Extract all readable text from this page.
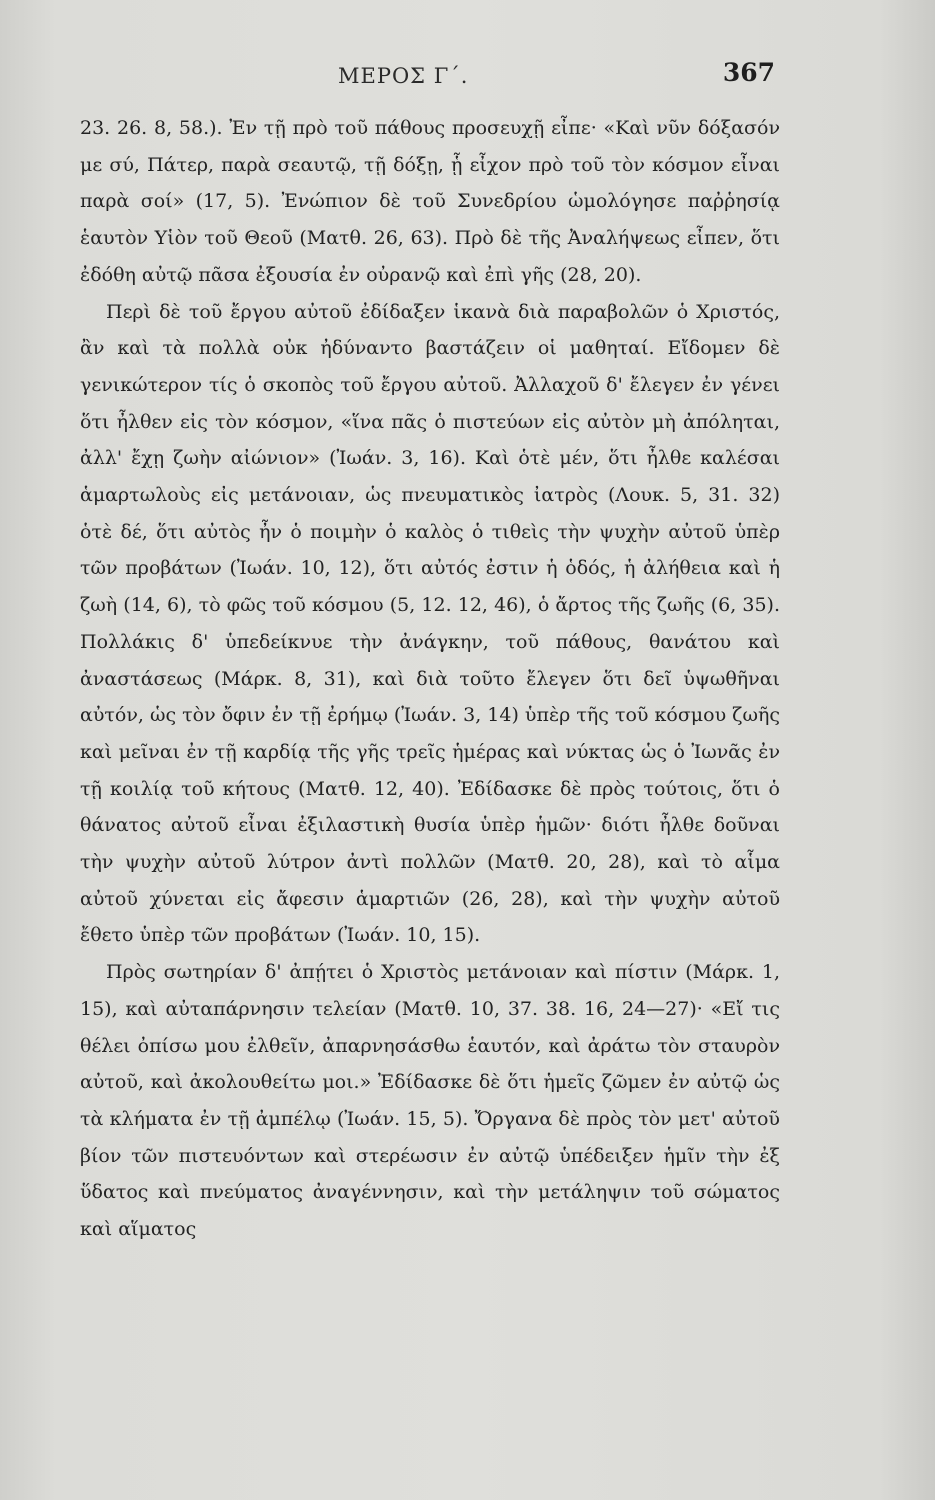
ΜΕΡΟΣ Γ΄.	367

23. 26. 8, 58.). Ἐν τῇ πρὸ τοῦ πάθους προσευχῇ εἶπε· «Καὶ νῦν δόξασόν με σύ, Πάτερ, παρὰ σεαυτῷ, τῇ δόξῃ, ᾗ εἶχον πρὸ τοῦ τὸν κόσμον εἶναι παρὰ σοί» (17, 5). Ἐνώπιον δὲ τοῦ Συνεδρίου ὡμολόγησε παῤῥησίᾳ ἑαυτὸν Υἱὸν τοῦ Θεοῦ (Ματθ. 26, 63). Πρὸ δὲ τῆς Ἀναλήψεως εἶπεν, ὅτι ἐδόθη αὐτῷ πᾶσα ἐξουσία ἐν οὐρανῷ καὶ ἐπὶ γῆς (28, 20).

Περὶ δὲ τοῦ ἔργου αὐτοῦ ἐδίδαξεν ἱκανὰ διὰ παραβολῶν ὁ Χριστός, ἂν καὶ τὰ πολλὰ οὐκ ἠδύναντο βαστάζειν οἱ μαθηταί. Εἴδομεν δὲ γενικώτερον τίς ὁ σκοπὸς τοῦ ἔργου αὐτοῦ. Ἀλλαχοῦ δ' ἔλεγεν ἐν γένει ὅτι ἦλθεν εἰς τὸν κόσμον, «ἵνα πᾶς ὁ πιστεύων εἰς αὐτὸν μὴ ἀπόληται, ἀλλ' ἔχῃ ζωὴν αἰώνιον» (Ἰωάν. 3, 16). Καὶ ὁτὲ μέν, ὅτι ἦλθε καλέσαι ἁμαρτωλοὺς εἰς μετάνοιαν, ὡς πνευματικὸς ἰατρὸς (Λουκ. 5, 31. 32) ὁτὲ δέ, ὅτι αὐτὸς ἦν ὁ ποιμὴν ὁ καλὸς ὁ τιθεὶς τὴν ψυχὴν αὐτοῦ ὑπὲρ τῶν προβάτων (Ἰωάν. 10, 12), ὅτι αὐτός ἐστιν ἡ ὁδός, ἡ ἀλήθεια καὶ ἡ ζωὴ (14, 6), τὸ φῶς τοῦ κόσμου (5, 12. 12, 46), ὁ ἄρτος τῆς ζωῆς (6, 35). Πολλάκις δ' ὑπεδείκνυε τὴν ἀνάγκην, τοῦ πάθους, θανάτου καὶ ἀναστάσεως (Μάρκ. 8, 31), καὶ διὰ τοῦτο ἔλεγεν ὅτι δεῖ ὑψωθῆναι αὐτόν, ὡς τὸν ὄφιν ἐν τῇ ἐρήμῳ (Ἰωάν. 3, 14) ὑπὲρ τῆς τοῦ κόσμου ζωῆς καὶ μεῖναι ἐν τῇ καρδίᾳ τῆς γῆς τρεῖς ἡμέρας καὶ νύκτας ὡς ὁ Ἰωνᾶς ἐν τῇ κοιλίᾳ τοῦ κήτους (Ματθ. 12, 40). Ἐδίδασκε δὲ πρὸς τούτοις, ὅτι ὁ θάνατος αὐτοῦ εἶναι ἐξιλαστικὴ θυσία ὑπὲρ ἡμῶν· διότι ἦλθε δοῦναι τὴν ψυχὴν αὐτοῦ λύτρον ἀντὶ πολλῶν (Ματθ. 20, 28), καὶ τὸ αἷμα αὐτοῦ χύνεται εἰς ἄφεσιν ἁμαρτιῶν (26, 28), καὶ τὴν ψυχὴν αὐτοῦ ἔθετο ὑπὲρ τῶν προβάτων (Ἰωάν. 10, 15).

Πρὸς σωτηρίαν δ' ἀπῄτει ὁ Χριστὸς μετάνοιαν καὶ πίστιν (Μάρκ. 1, 15), καὶ αὐταπάρνησιν τελείαν (Ματθ. 10, 37. 38. 16, 24—27)· «Εἴ τις θέλει ὀπίσω μου ἐλθεῖν, ἀπαρνησάσθω ἑαυτόν, καὶ ἀράτω τὸν σταυρὸν αὐτοῦ, καὶ ἀκολουθείτω μοι.» Ἐδίδασκε δὲ ὅτι ἡμεῖς ζῶμεν ἐν αὐτῷ ὡς τὰ κλήματα ἐν τῇ ἀμπέλῳ (Ἰωάν. 15, 5). Ὄργανα δὲ πρὸς τὸν μετ' αὐτοῦ βίον τῶν πιστευόντων καὶ στερέωσιν ἐν αὐτῷ ὑπέδειξεν ἡμῖν τὴν ἐξ ὕδατος καὶ πνεύματος ἀναγέννησιν, καὶ τὴν μετάληψιν τοῦ σώματος καὶ αἵματος
